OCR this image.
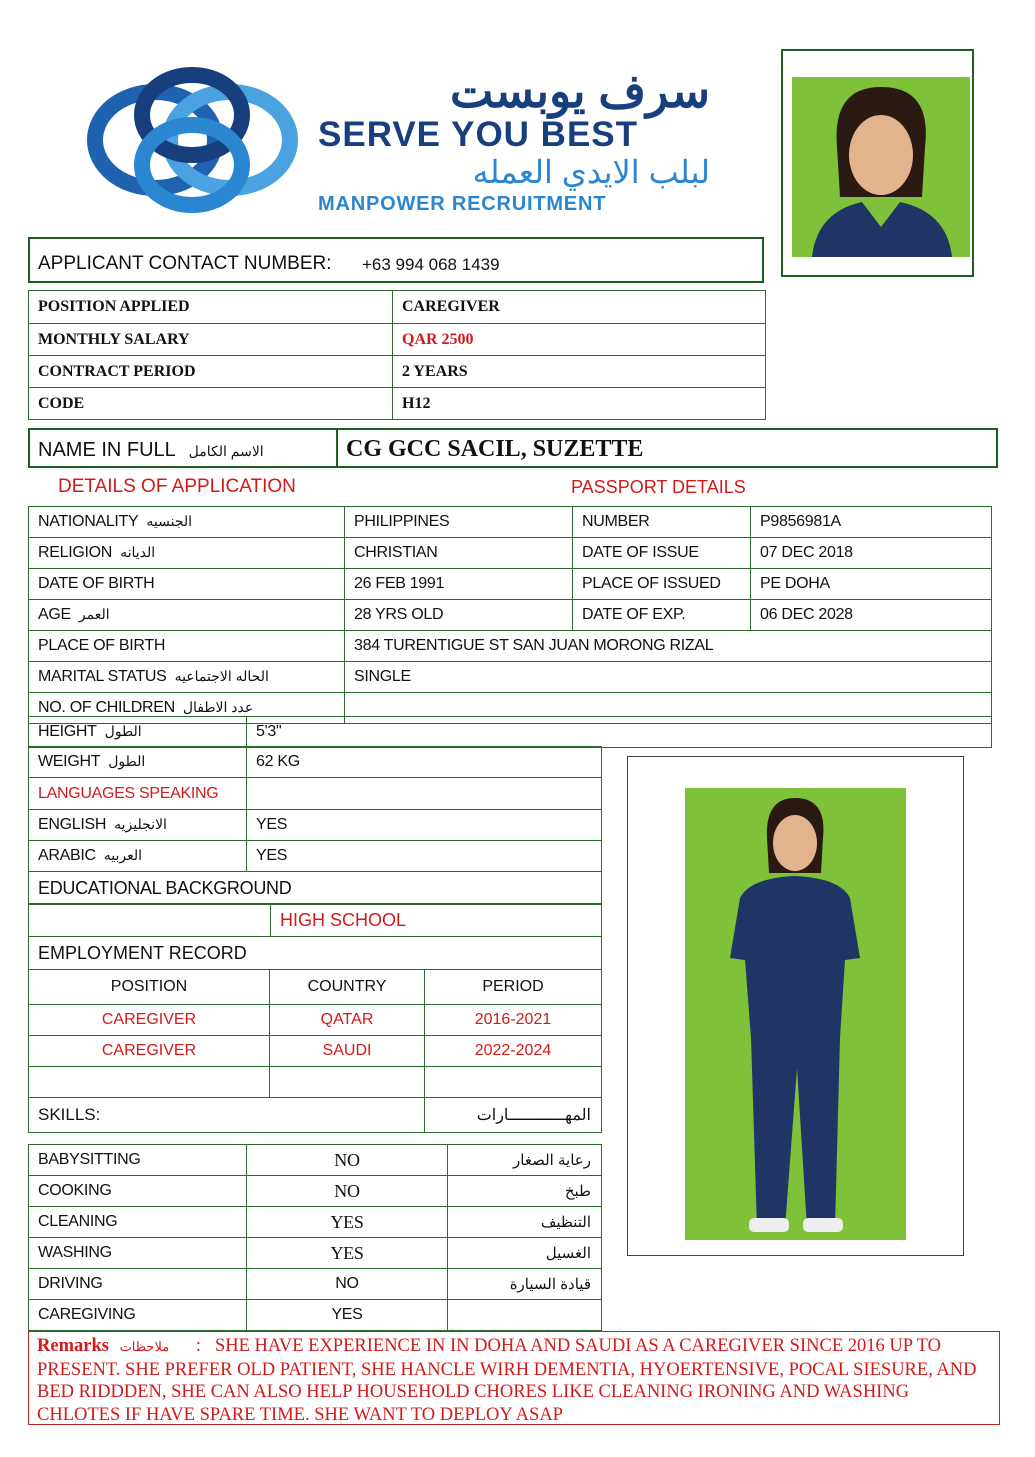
سرف يوبست
SERVE YOU BEST
لبلب الايدي العمله
MANPOWER RECRUITMENT
APPLICANT CONTACT NUMBER: +63 994 068 1439
POSITION APPLIED	CAREGIVER
MONTHLY SALARY	QAR 2500
CONTRACT PERIOD	2 YEARS
CODE	H12
NAME IN FULL الاسم الكامل	CG GCC SACIL, SUZETTE
DETAILS OF APPLICATION	PASSPORT DETAILS
NATIONALITY الجنسيه	PHILIPPINES	NUMBER	P9856981A
RELIGION الديانه	CHRISTIAN	DATE OF ISSUE	07 DEC 2018
DATE OF BIRTH	26 FEB 1991	PLACE OF ISSUED	PE DOHA
AGE العمر	28 YRS OLD	DATE OF EXP.	06 DEC 2028
PLACE OF BIRTH	384 TURENTIGUE ST SAN JUAN MORONG RIZAL		
MARITAL STATUS الحاله الاجتماعيه	SINGLE		
NO. OF CHILDREN عدد الاطفال			
HEIGHT الطول	5'3"
WEIGHT الطول	62 KG
LANGUAGES SPEAKING	
ENGLISH الانجليزيه	YES
ARABIC العربيه	YES
EDUCATIONAL BACKGROUND	
	HIGH SCHOOL
EMPLOYMENT RECORD
POSITION	COUNTRY	PERIOD
CAREGIVER	QATAR	2016-2021
CAREGIVER	SAUDI	2022-2024

SKILLS:		المهــــــــــــارات
BABYSITTING	NO	رعاية الصغار
COOKING	NO	طبخ
CLEANING	YES	التنظيف
WASHING	YES	الغسيل
DRIVING	NO	قيادة السيارة
CAREGIVING	YES	
Remarks ملاحظات : SHE HAVE EXPERIENCE IN IN DOHA AND SAUDI AS A CAREGIVER SINCE 2016 UP TO PRESENT. SHE PREFER OLD PATIENT, SHE HANCLE WIRH DEMENTIA, HYOERTENSIVE, POCAL SIESURE, AND BED RIDDDEN, SHE CAN ALSO HELP HOUSEHOLD CHORES LIKE CLEANING IRONING AND WASHING CHLOTES IF HAVE SPARE TIME. SHE WANT TO DEPLOY ASAP
